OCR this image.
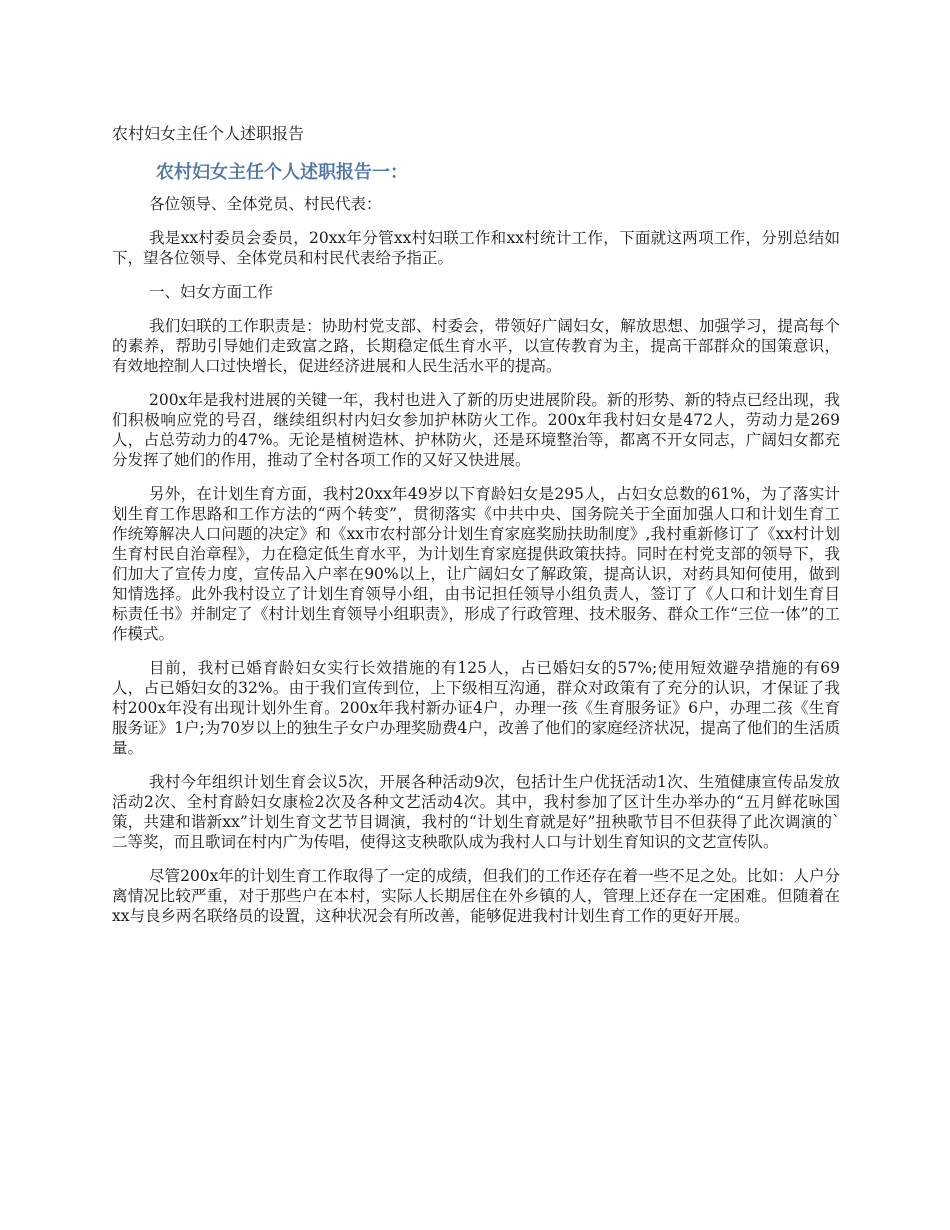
农村妇女主任个人述职报告
农村妇女主任个人述职报告一：

各位领导、全体党员、村民代表：

我是xx村委员会委员，20xx年分管xx村妇联工作和xx村统计工作，下面就这两项工作，分别总结如下，望各位领导、全体党员和村民代表给予指正。

一、妇女方面工作

我们妇联的工作职责是：协助村党支部、村委会，带领好广阔妇女，解放思想、加强学习，提高每个的素养，帮助引导她们走致富之路，长期稳定低生育水平，以宣传教育为主，提高干部群众的国策意识，有效地控制人口过快增长，促进经济进展和人民生活水平的提高。

200x年是我村进展的关键一年，我村也进入了新的历史进展阶段。新的形势、新的特点已经出现，我们积极响应党的号召，继续组织村内妇女参加护林防火工作。200x年我村妇女是472人，劳动力是269人，占总劳动力的47%。无论是植树造林、护林防火，还是环境整治等，都离不开女同志，广阔妇女都充分发挥了她们的作用，推动了全村各项工作的又好又快进展。

另外，在计划生育方面，我村20xx年49岁以下育龄妇女是295人，占妇女总数的61%，为了落实计划生育工作思路和工作方法的“两个转变”，贯彻落实《中共中央、国务院关于全面加强人口和计划生育工作统筹解决人口问题的决定》和《xx市农村部分计划生育家庭奖励扶助制度》,我村重新修订了《xx村计划生育村民自治章程》，力在稳定低生育水平，为计划生育家庭提供政策扶持。同时在村党支部的领导下，我们加大了宣传力度，宣传品入户率在90%以上，让广阔妇女了解政策，提高认识，对药具知何使用，做到知情选择。此外我村设立了计划生育领导小组，由书记担任领导小组负责人，签订了《人口和计划生育目标责任书》并制定了《村计划生育领导小组职责》，形成了行政管理、技术服务、群众工作“三位一体”的工作模式。

目前，我村已婚育龄妇女实行长效措施的有125人，占已婚妇女的57%;使用短效避孕措施的有69人，占已婚妇女的32%。由于我们宣传到位，上下级相互沟通，群众对政策有了充分的认识，才保证了我村200x年没有出现计划外生育。200x年我村新办证4户，办理一孩《生育服务证》6户，办理二孩《生育服务证》1户;为70岁以上的独生子女户办理奖励费4户，改善了他们的家庭经济状况，提高了他们的生活质量。

我村今年组织计划生育会议5次，开展各种活动9次，包括计生户优抚活动1次、生殖健康宣传品发放活动2次、全村育龄妇女康检2次及各种文艺活动4次。其中，我村参加了区计生办举办的“五月鲜花咏国策，共建和谐新xx”计划生育文艺节目调演，我村的“计划生育就是好”扭秧歌节目不但获得了此次调演的`二等奖，而且歌词在村内广为传唱，使得这支秧歌队成为我村人口与计划生育知识的文艺宣传队。

尽管200x年的计划生育工作取得了一定的成绩，但我们的工作还存在着一些不足之处。比如：人户分离情况比较严重，对于那些户在本村，实际人长期居住在外乡镇的人，管理上还存在一定困难。但随着在xx与良乡两名联络员的设置，这种状况会有所改善，能够促进我村计划生育工作的更好开展。
